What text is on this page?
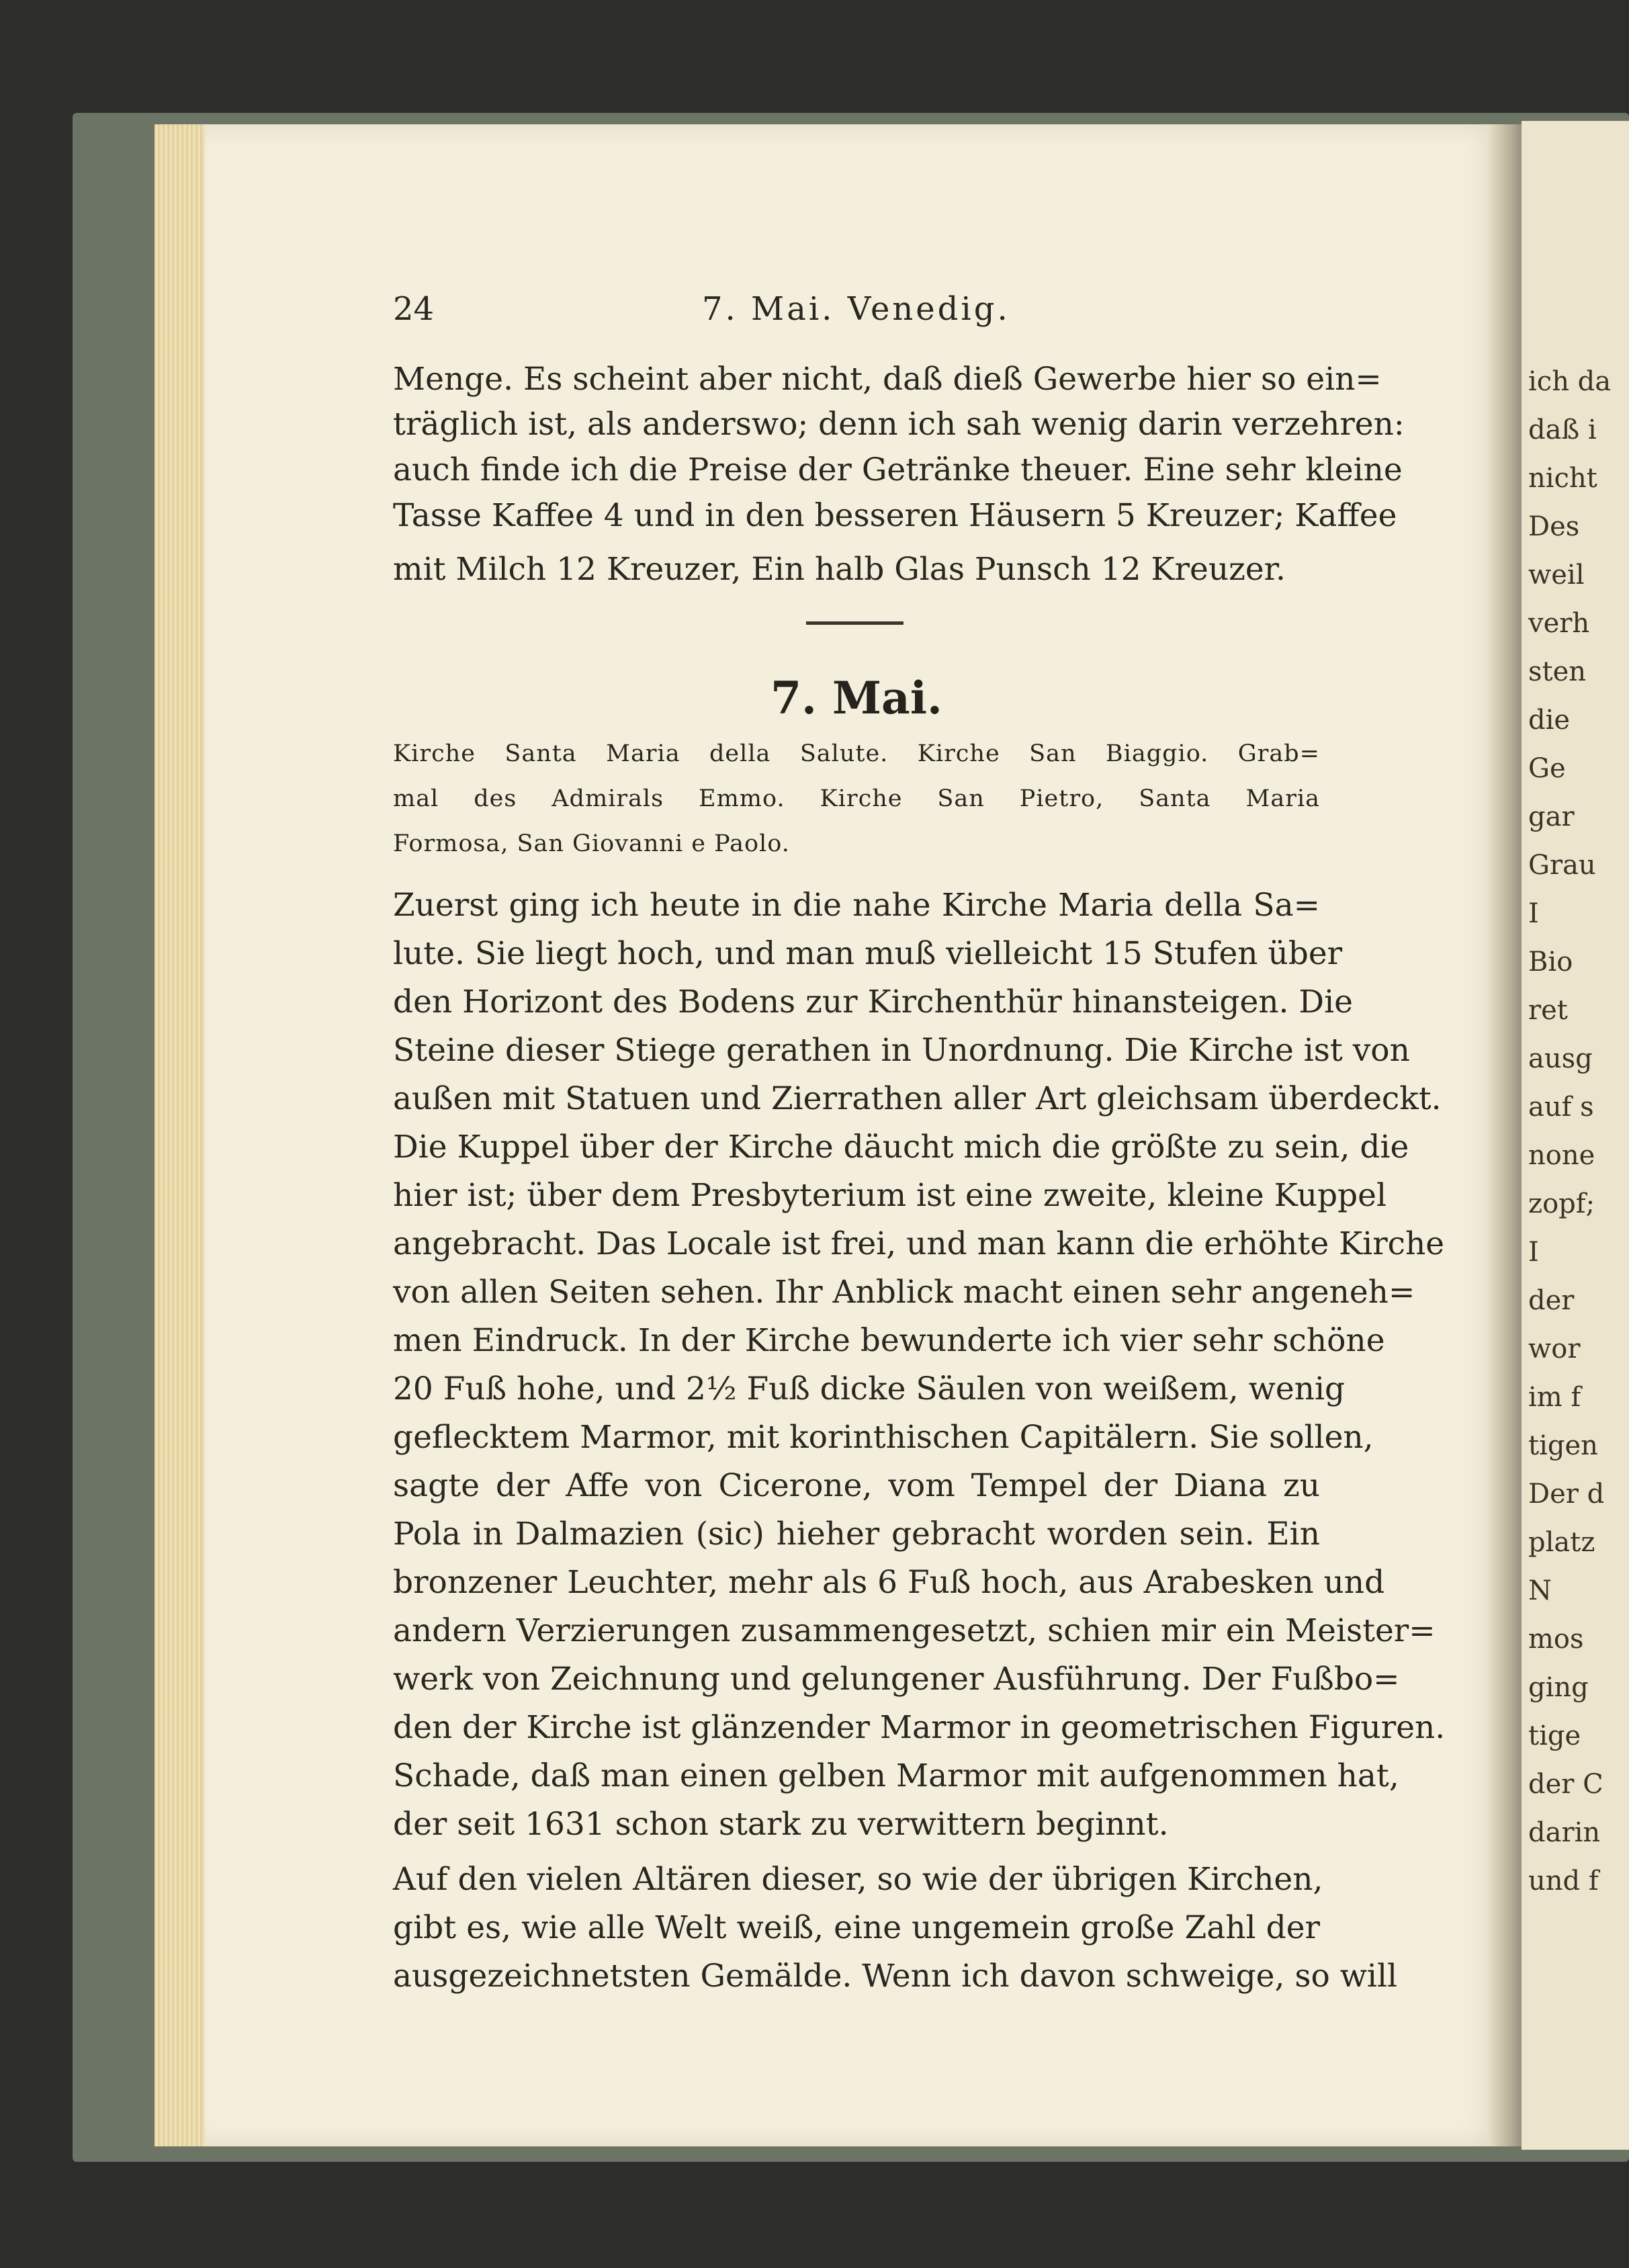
ich da
daß i
nicht
Des
weil
verh
sten
die
Ge
gar
Grau
I
Bio
ret
ausg
auf s
none
zopf;
I
der
wor
im f
tigen
Der d
platz
N
mos
ging
tige
der C
darin
und f
24	7. Mai. Venedig.
Menge. Es scheint aber nicht, daß dieß Gewerbe hier so ein=
träglich ist, als anderswo; denn ich sah wenig darin verzehren:
auch finde ich die Preise der Getränke theuer. Eine sehr kleine
Tasse Kaffee 4 und in den besseren Häusern 5 Kreuzer; Kaffee
mit Milch 12 Kreuzer, Ein halb Glas Punsch 12 Kreuzer.
7. Mai.
Kirche Santa Maria della Salute. Kirche San Biaggio. Grab=
mal des Admirals Emmo. Kirche San Pietro, Santa Maria
Formosa, San Giovanni e Paolo.
Zuerst ging ich heute in die nahe Kirche Maria della Sa=
lute. Sie liegt hoch, und man muß vielleicht 15 Stufen über
den Horizont des Bodens zur Kirchenthür hinansteigen. Die
Steine dieser Stiege gerathen in Unordnung. Die Kirche ist von
außen mit Statuen und Zierrathen aller Art gleichsam überdeckt.
Die Kuppel über der Kirche däucht mich die größte zu sein, die
hier ist; über dem Presbyterium ist eine zweite, kleine Kuppel
angebracht. Das Locale ist frei, und man kann die erhöhte Kirche
von allen Seiten sehen. Ihr Anblick macht einen sehr angeneh=
men Eindruck. In der Kirche bewunderte ich vier sehr schöne
20 Fuß hohe, und 2½ Fuß dicke Säulen von weißem, wenig
geflecktem Marmor, mit korinthischen Capitälern. Sie sollen,
sagte der Affe von Cicerone, vom Tempel der Diana zu
Pola in Dalmazien (sic) hieher gebracht worden sein. Ein
bronzener Leuchter, mehr als 6 Fuß hoch, aus Arabesken und
andern Verzierungen zusammengesetzt, schien mir ein Meister=
werk von Zeichnung und gelungener Ausführung. Der Fußbo=
den der Kirche ist glänzender Marmor in geometrischen Figuren.
Schade, daß man einen gelben Marmor mit aufgenommen hat,
der seit 1631 schon stark zu verwittern beginnt.
Auf den vielen Altären dieser, so wie der übrigen Kirchen,
gibt es, wie alle Welt weiß, eine ungemein große Zahl der
ausgezeichnetsten Gemälde. Wenn ich davon schweige, so will
